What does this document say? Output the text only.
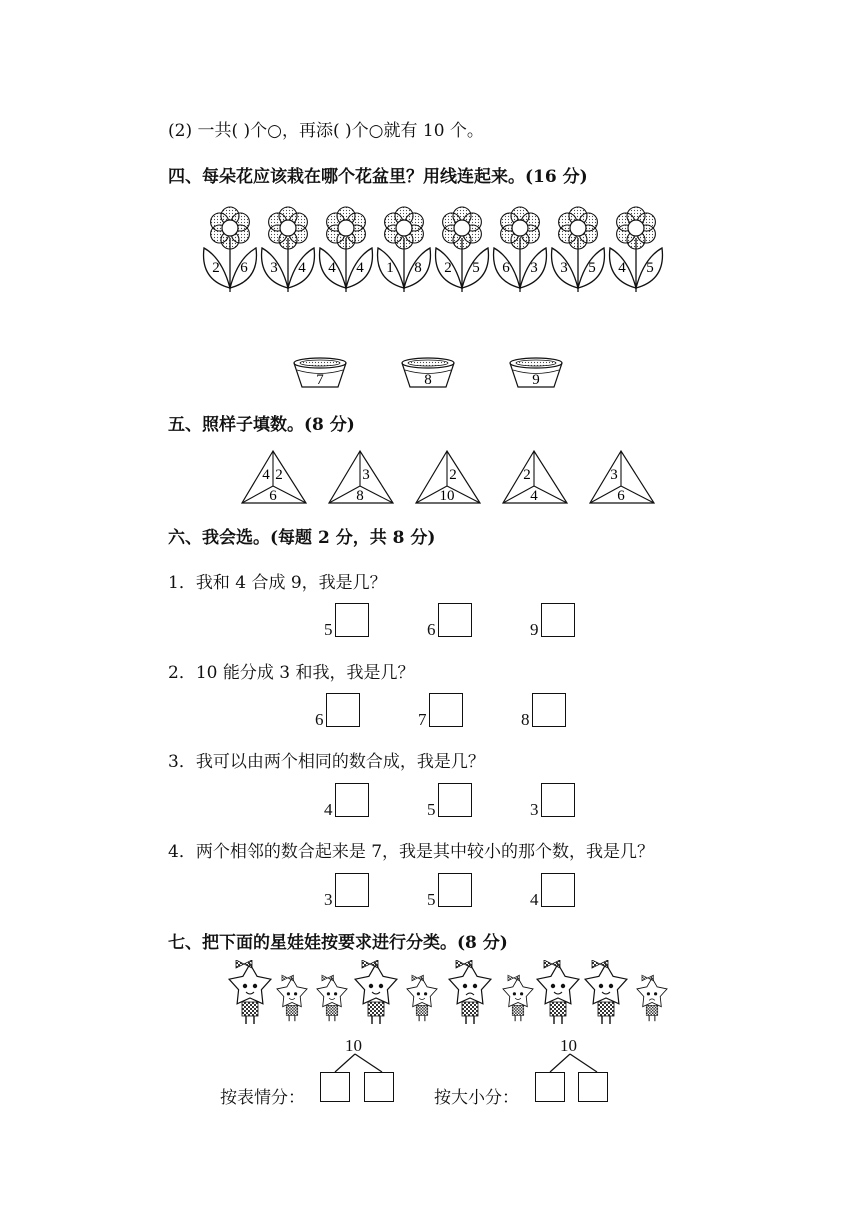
(2) 一共( )个○，再添( )个○就有 10 个。
四、每朵花应该栽在哪个花盆里？用线连起来。(16 分)
2 6 3 4 4 4 1 8 2 5 6 3 3 5 4 5
7	8	9
五、照样子填数。(8 分)
4 2
6
3
8
2
10
2
4
3
6
六、我会选。(每题 2 分，共 8 分)
1．我和 4 合成 9，我是几？
2．10 能分成 3 和我，我是几？
3．我可以由两个相同的数合成，我是几？
4．两个相邻的数合起来是 7，我是其中较小的那个数，我是几？
5	6	9
6	7	8
4	5	3
3	5	4
七、把下面的星娃娃按要求进行分类。(8 分)
10	10
按表情分：	按大小分：
